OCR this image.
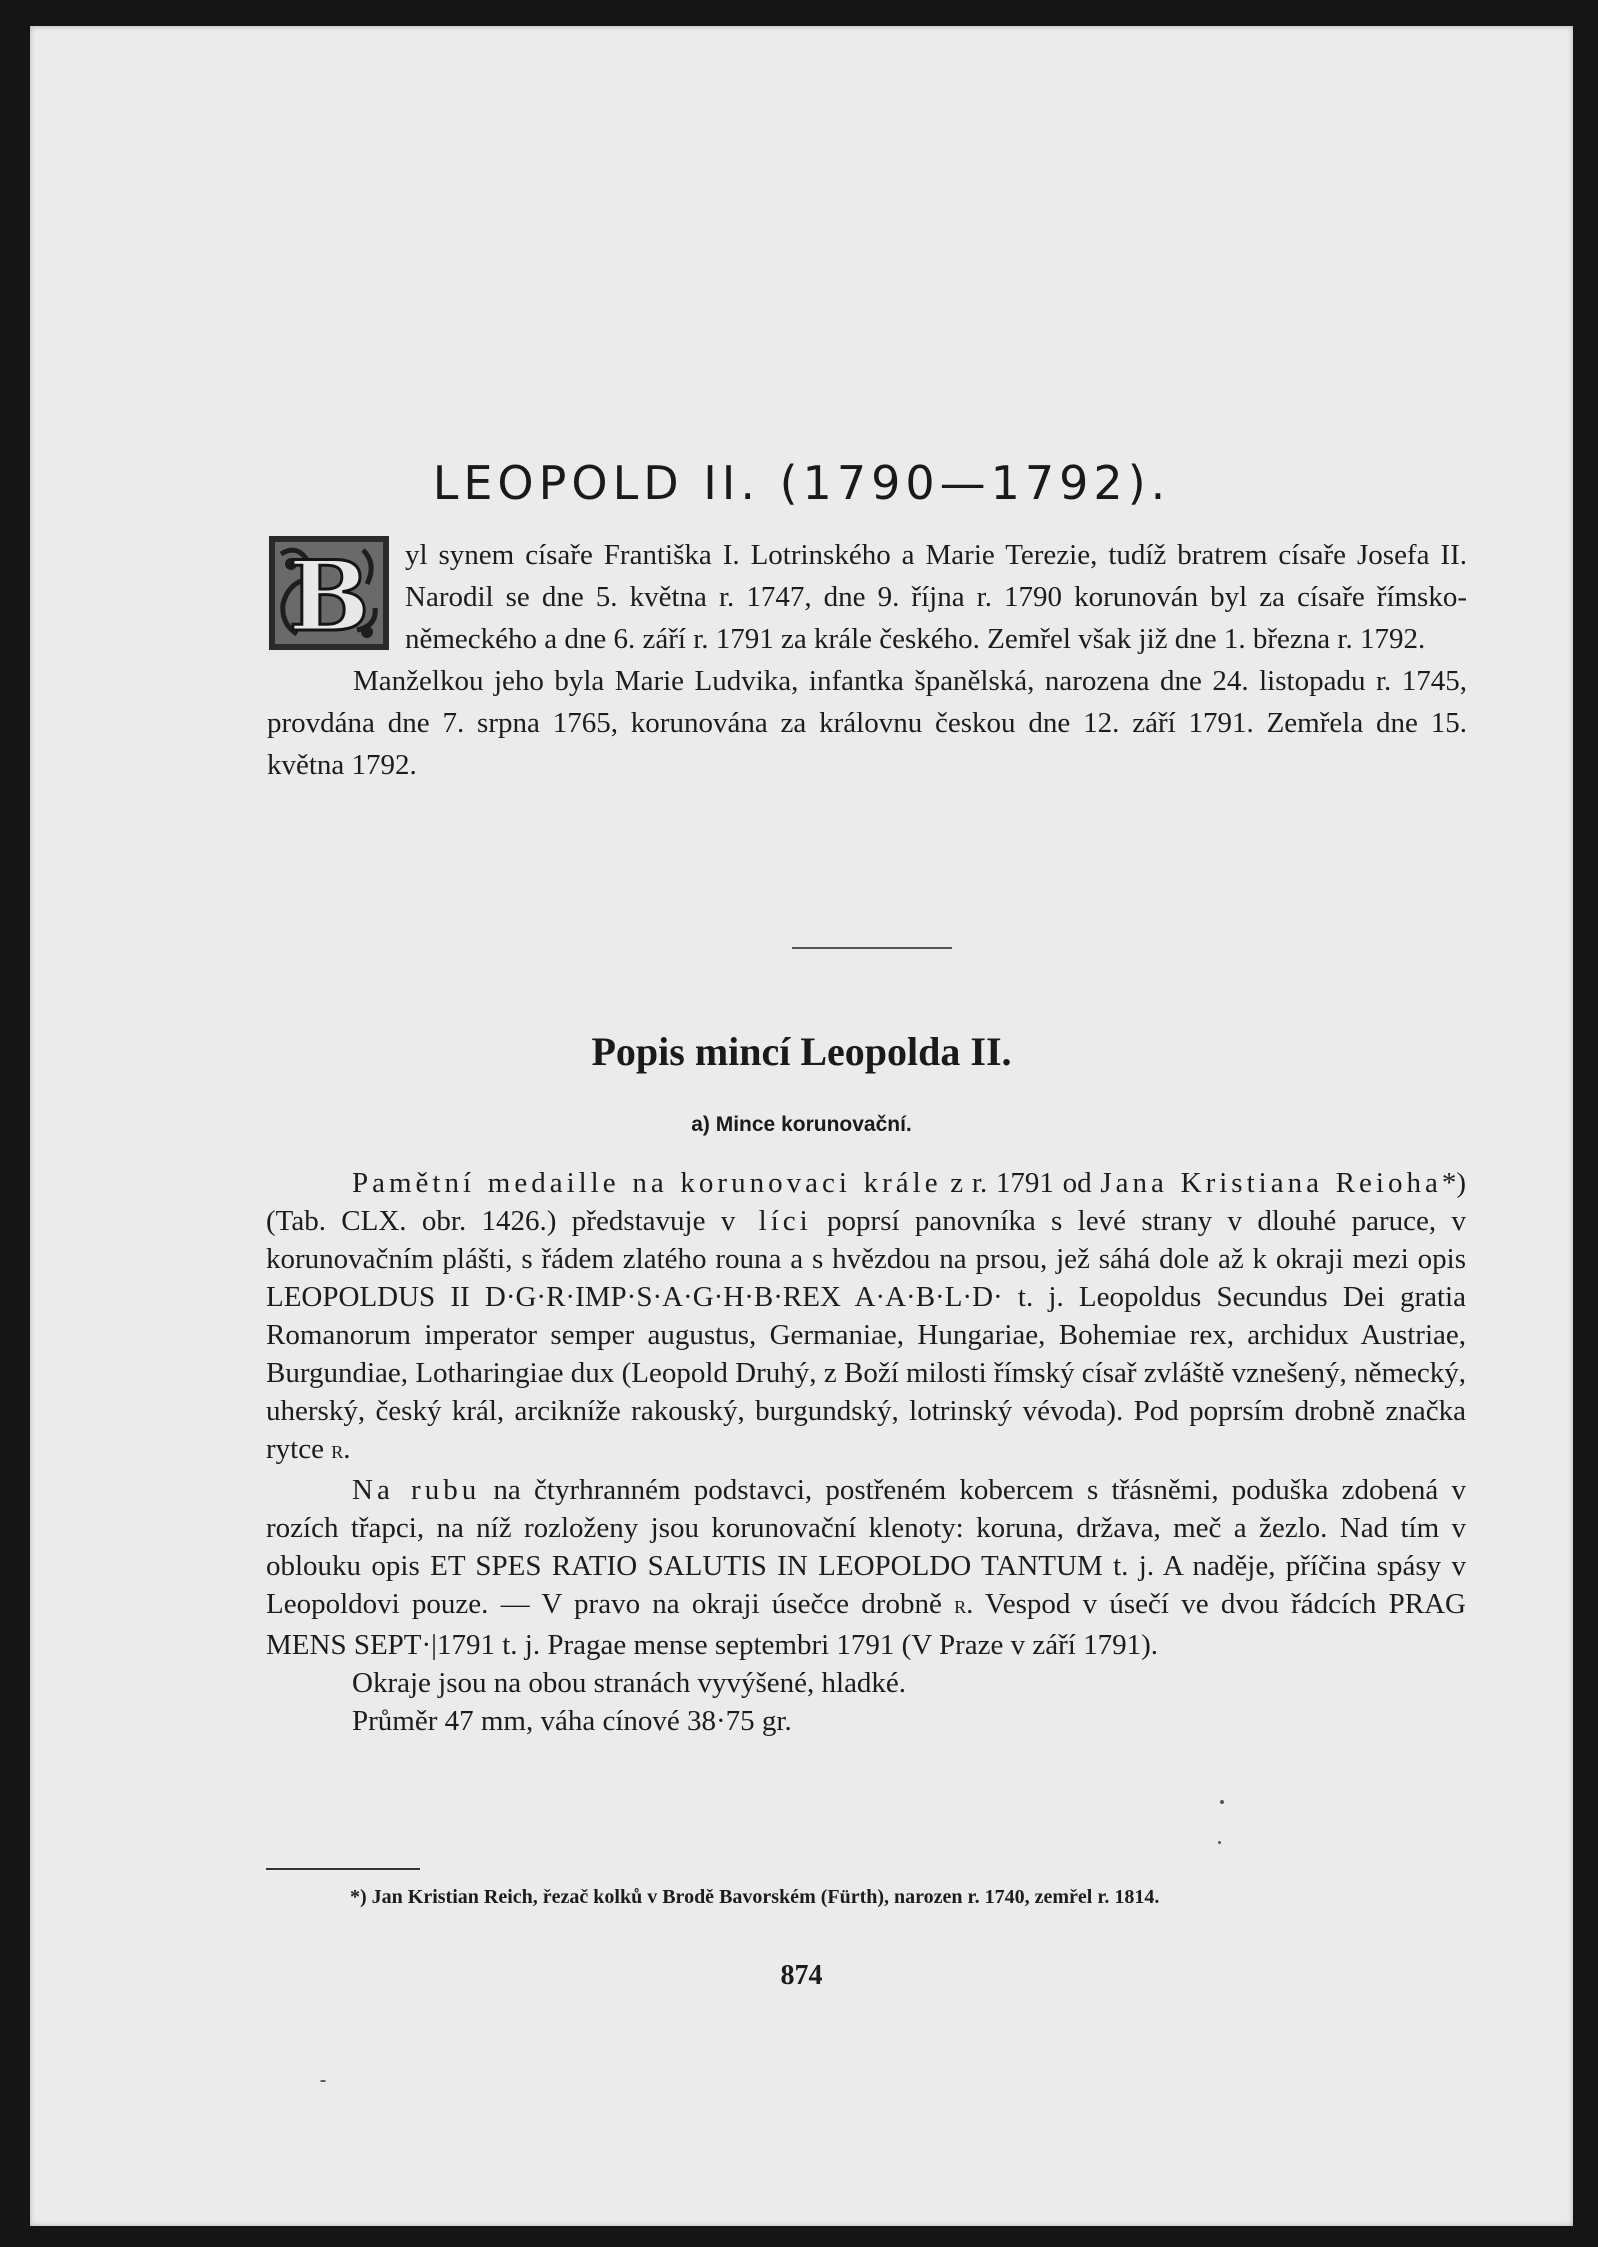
LEOPOLD II. (1790—1792).
B	yl synem císaře Františka I. Lotrinského a Marie Terezie, tudíž bratrem císaře Josefa II. Narodil se dne 5. května r. 1747, dne 9. října r. 1790 korunován byl za císaře římsko-německého a dne 6. září r. 1791 za krále českého. Zemřel však již dne 1. března r. 1792.

Manželkou jeho byla Marie Ludvika, infantka španělská, narozena dne 24. listopadu r. 1745, provdána dne 7. srpna 1765, korunována za královnu českou dne 12. září 1791. Zemřela dne 15. května 1792.

Popis mincí Leopolda II.
a) Mince korunovační.

Pamětní medaille na korunovaci krále z r. 1791 od Jana Kristiana Reioha*) (Tab. CLX. obr. 1426.) představuje v líci poprsí panovníka s levé strany v dlouhé paruce, v korunovačním plášti, s řádem zlatého rouna a s hvězdou na prsou, jež sáhá dole až k okraji mezi opis LEOPOLDUS II D·G·R·IMP·S·A·G·H·B·REX A·A·B·L·D· t. j. Leopoldus Secundus Dei gratia Romanorum imperator semper augustus, Germaniae, Hungariae, Bohemiae rex, archidux Austriae, Burgundiae, Lotharingiae dux (Leopold Druhý, z Boží milosti římský císař zvláště vznešený, německý, uherský, český král, arcikníže rakouský, burgundský, lotrinský vévoda). Pod poprsím drobně značka rytce R.

Na rubu na čtyrhranném podstavci, postřeném kobercem s třásněmi, poduška zdobená v rozích třapci, na níž rozloženy jsou korunovační klenoty: koruna, država, meč a žezlo. Nad tím v oblouku opis ET SPES RATIO SALUTIS IN LEOPOLDO TANTUM t. j. A naděje, příčina spásy v Leopoldovi pouze. — V pravo na okraji úsečce drobně R. Vespod v úsečí ve dvou řádcích PRAG MENS SEPT·|1791 t. j. Pragae mense septembri 1791 (V Praze v září 1791).

Okraje jsou na obou stranách vyvýšené, hladké.

Průměr 47 mm, váha cínové 38·75 gr.

*) Jan Kristian Reich, řezač kolků v Brodě Bavorském (Fürth), narozen r. 1740, zemřel r. 1814.
874
